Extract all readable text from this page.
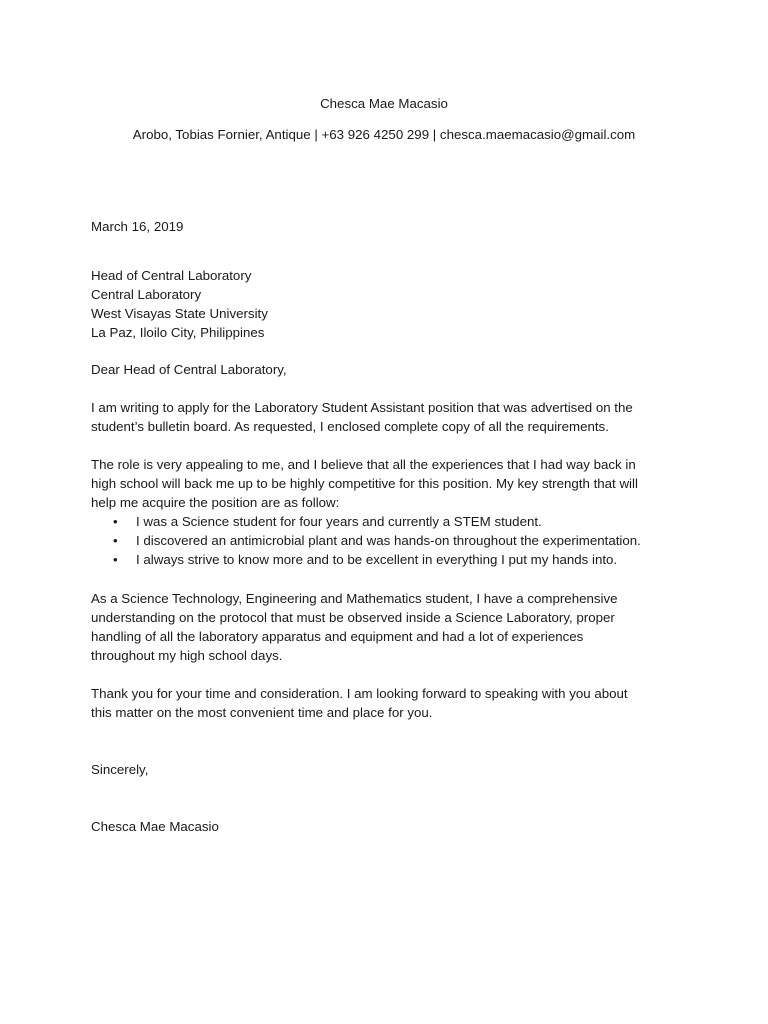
Chesca Mae Macasio

Arobo, Tobias Fornier, Antique | +63 926 4250 299 | chesca.maemacasio@gmail.com

March 16, 2019

Head of Central Laboratory

Central Laboratory

West Visayas State University

La Paz, Iloilo City, Philippines

Dear Head of Central Laboratory,

I am writing to apply for the Laboratory Student Assistant position that was advertised on the

student’s bulletin board. As requested, I enclosed complete copy of all the requirements.

The role is very appealing to me, and I believe that all the experiences that I had way back in

high school will back me up to be highly competitive for this position. My key strength that will

help me acquire the position are as follow:

• I was a Science student for four years and currently a STEM student.
• I discovered an antimicrobial plant and was hands-on throughout the experimentation.
• I always strive to know more and to be excellent in everything I put my hands into.

As a Science Technology, Engineering and Mathematics student, I have a comprehensive

understanding on the protocol that must be observed inside a Science Laboratory, proper

handling of all the laboratory apparatus and equipment and had a lot of experiences

throughout my high school days.

Thank you for your time and consideration. I am looking forward to speaking with you about

this matter on the most convenient time and place for you.

Sincerely,

Chesca Mae Macasio
